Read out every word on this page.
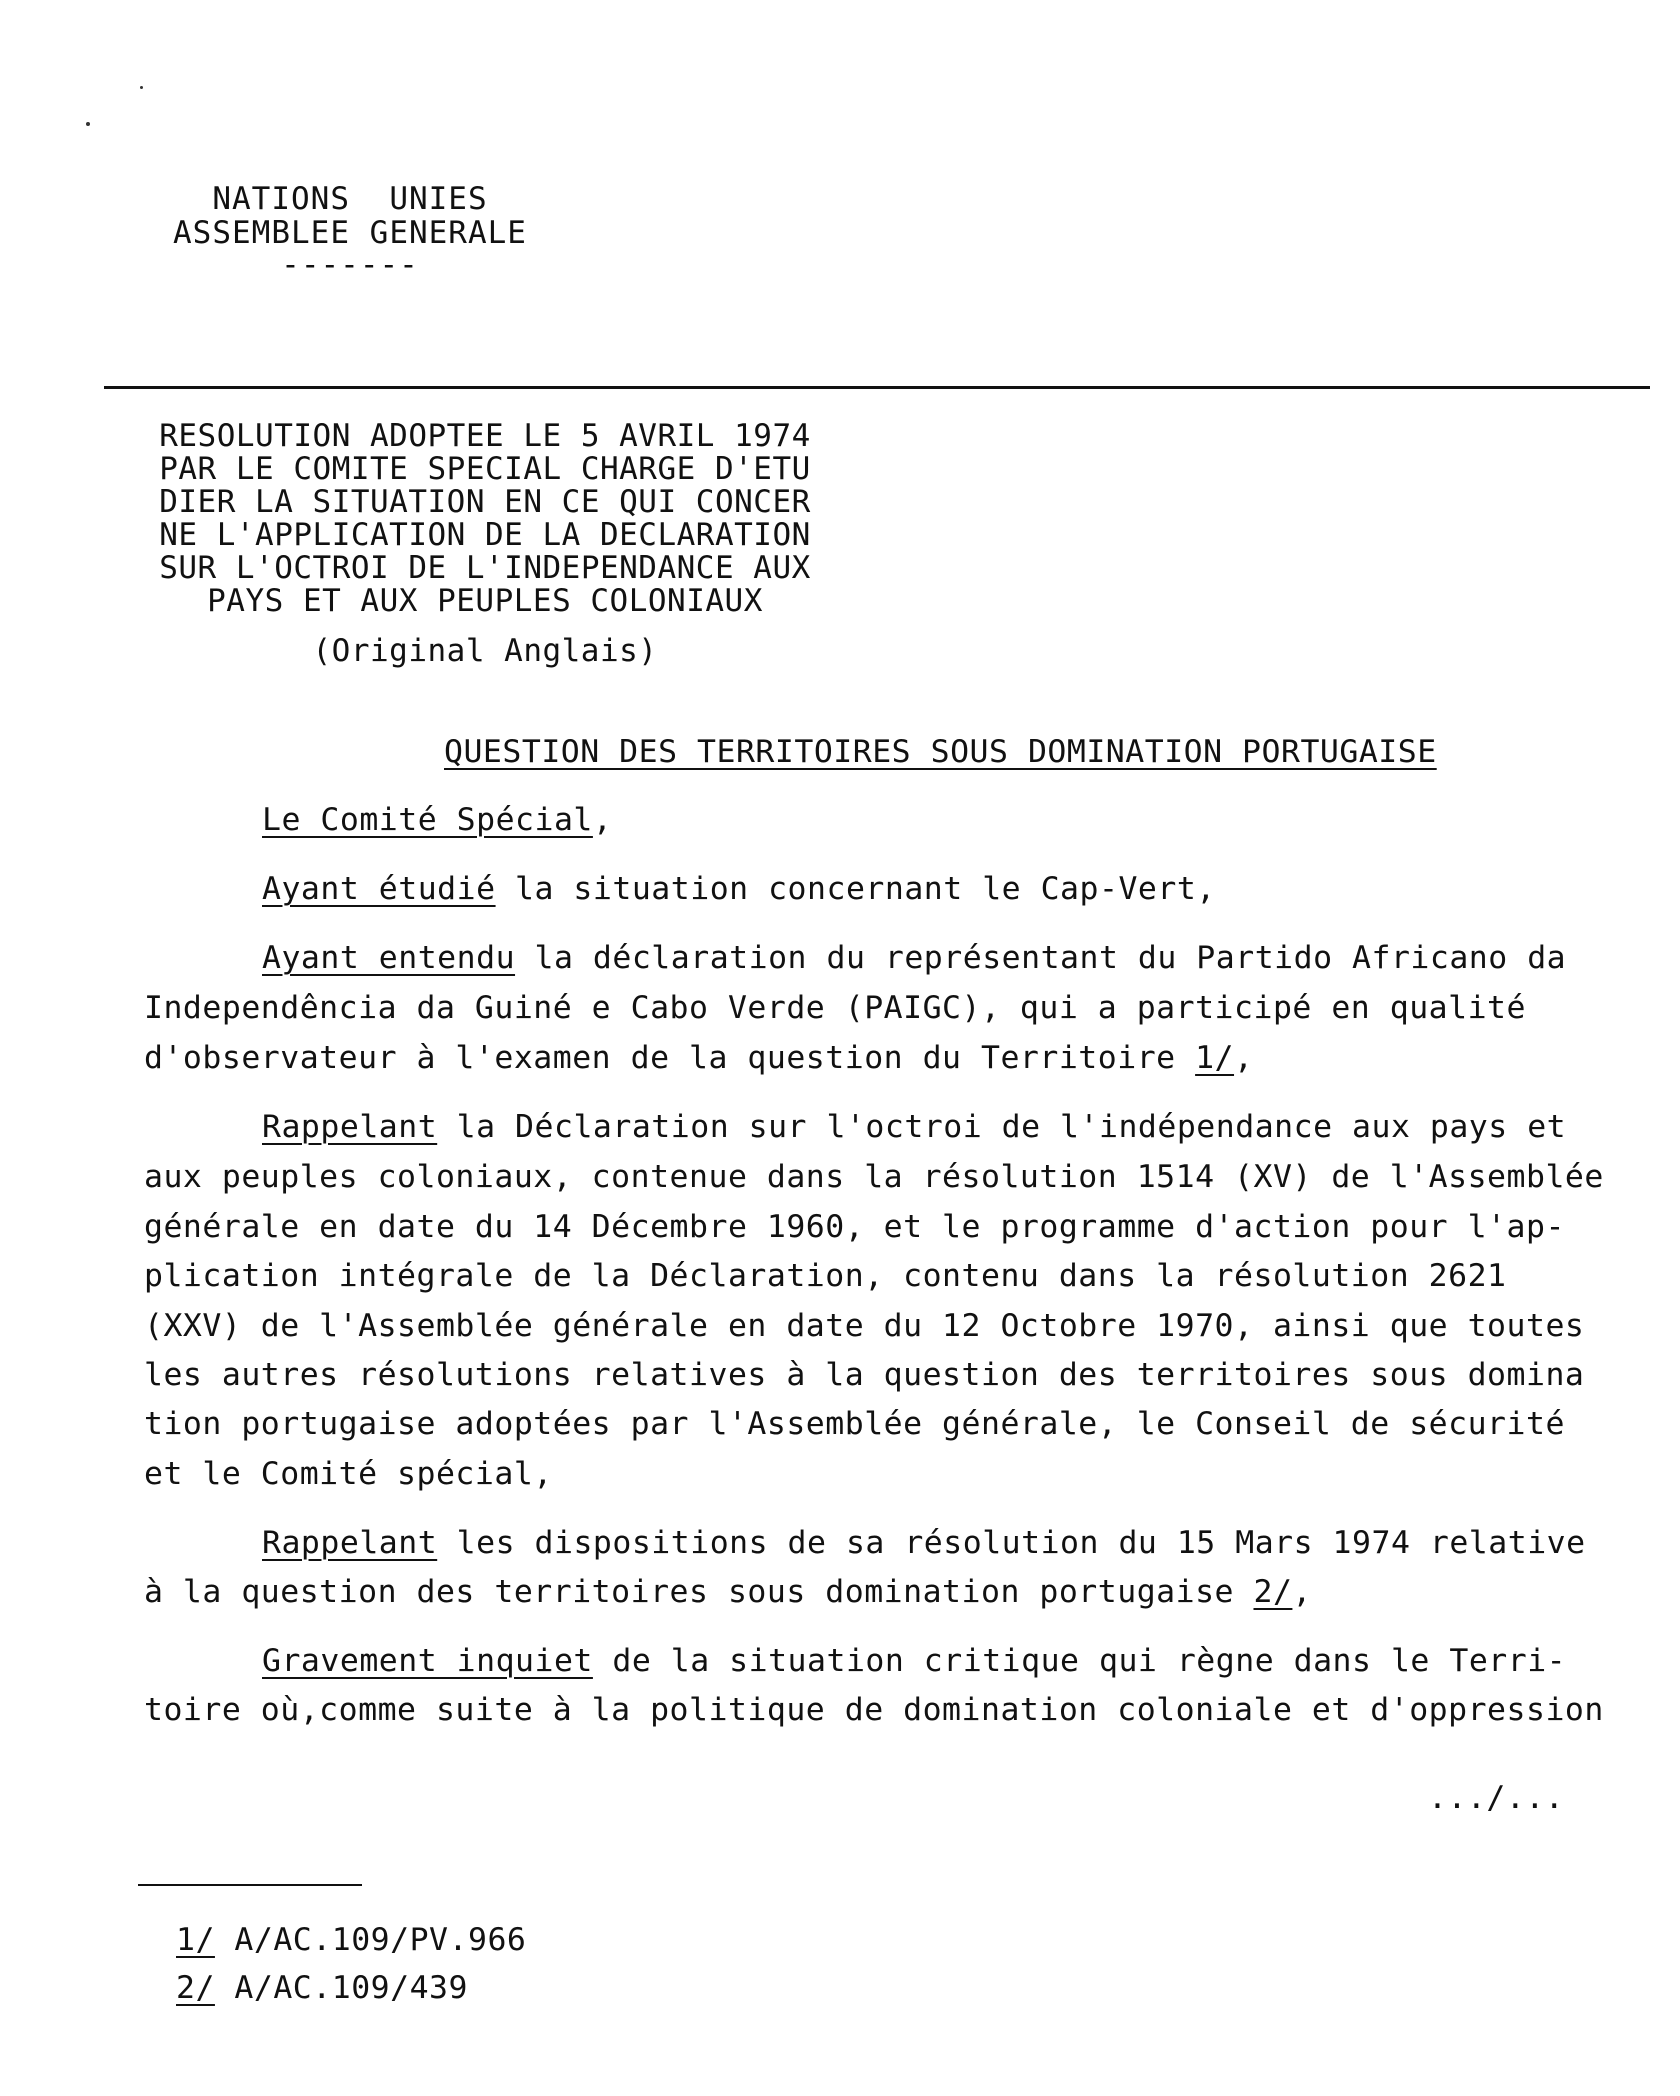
NATIONS  UNIES
ASSEMBLEE GENERALE
-------
RESOLUTION ADOPTEE LE 5 AVRIL 1974
PAR LE COMITE SPECIAL CHARGE D'ETU
DIER LA SITUATION EN CE QUI CONCER
NE L'APPLICATION DE LA DECLARATION
SUR L'OCTROI DE L'INDEPENDANCE AUX
PAYS ET AUX PEUPLES COLONIAUX
(Original Anglais)
QUESTION DES TERRITOIRES SOUS DOMINATION PORTUGAISE
Le Comité Spécial,
Ayant étudié la situation concernant le Cap-Vert,
Ayant entendu la déclaration du représentant du Partido Africano da
Independência da Guiné e Cabo Verde (PAIGC), qui a participé en qualité
d'observateur à l'examen de la question du Territoire 1/,
Rappelant la Déclaration sur l'octroi de l'indépendance aux pays et
aux peuples coloniaux, contenue dans la résolution 1514 (XV) de l'Assemblée
générale en date du 14 Décembre 1960, et le programme d'action pour l'ap-
plication intégrale de la Déclaration, contenu dans la résolution 2621
(XXV) de l'Assemblée générale en date du 12 Octobre 1970, ainsi que toutes
les autres résolutions relatives à la question des territoires sous domina
tion portugaise adoptées par l'Assemblée générale, le Conseil de sécurité
et le Comité spécial,
Rappelant les dispositions de sa résolution du 15 Mars 1974 relative
à la question des territoires sous domination portugaise 2/,
Gravement inquiet de la situation critique qui règne dans le Terri-
toire où,comme suite à la politique de domination coloniale et d'oppression
.../...
1/ A/AC.109/PV.966
2/ A/AC.109/439
